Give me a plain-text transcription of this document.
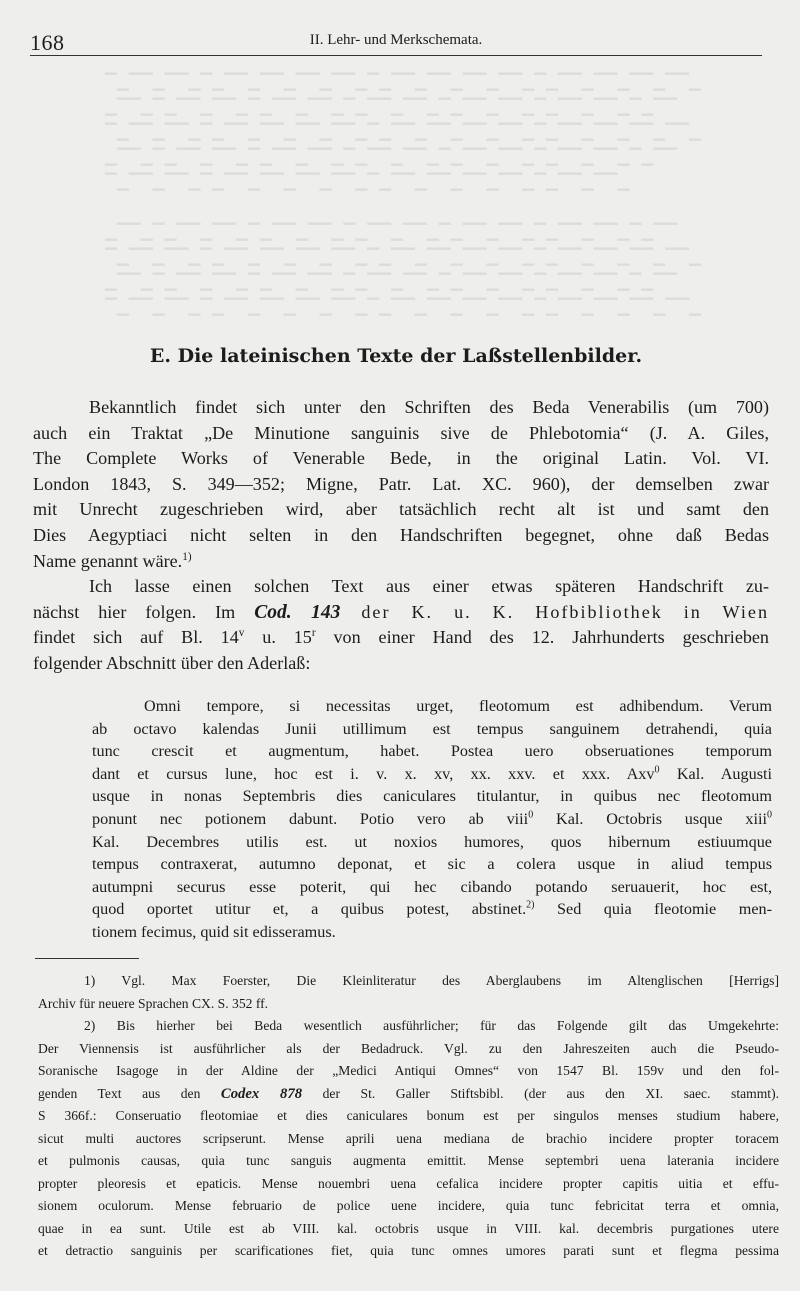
168	II. Lehr- und Merkschemata.
▔▁▔▔▁▔▔▁▔▁▔▔▁▔▔▁▔▔▁▔▔▁▔▁▔▔▁▔▔▁▔▔▁▔▔▁▔▁▔▔▁▔▔▁▔▔▁▔▔▁
▁▔▔▁▔▁▔▔▁▔▔▁▔▁▔▔▁▔▔▁▔▁▔▔▁▔▔▁▔▁▔▔▁▔▔▁▔▁▔▔▁▔▔▁▔▁▔▔
▔▁▔▔▁▔▔▁▔▁▔▔▁▔▔▁▔▔▁▔▔▁▔▁▔▔▁▔▔▁▔▔▁▔▔▁▔▁▔▔▁▔▔▁▔▔▁▔▔▁
▁▔▔▁▔▁▔▔▁▔▔▁▔▁▔▔▁▔▔▁▔▁▔▔▁▔▔▁▔▁▔▔▁▔▔▁▔▁▔▔▁▔▔▁▔▁▔▔
▔▁▔▔▁▔▔▁▔▁▔▔▁▔▔▁▔▔▁▔▔▁▔▁▔▔▁▔▔▁▔▔▁▔▔▁▔▁▔▔▁▔▔▁

▁▔▔▁▔▁▔▔▁▔▔▁▔▁▔▔▁▔▔▁▔▁▔▔▁▔▔▁▔▁▔▔▁▔▔▁▔▁▔▔▁▔▔▁▔▁▔▔
▔▁▔▔▁▔▔▁▔▁▔▔▁▔▔▁▔▔▁▔▔▁▔▁▔▔▁▔▔▁▔▔▁▔▔▁▔▁▔▔▁▔▔▁▔▔▁▔▔▁
▁▔▔▁▔▁▔▔▁▔▔▁▔▁▔▔▁▔▔▁▔▁▔▔▁▔▔▁▔▁▔▔▁▔▔▁▔▁▔▔▁▔▔▁▔▁▔▔
▔▁▔▔▁▔▔▁▔▁▔▔▁▔▔▁▔▔▁▔▔▁▔▁▔▔▁▔▔▁▔▔▁▔▔▁▔▁▔▔▁▔▔▁▔▔▁▔▔▁
E. Die lateinischen Texte der Laßstellenbilder.

Bekanntlich findet sich unter den Schriften des Beda Venerabilis (um 700)
auch ein Traktat „De Minutione sanguinis sive de Phlebotomia“ (J. A. Giles,
The Complete Works of Venerable Bede, in the original Latin. Vol. VI.
London 1843, S. 349—352; Migne, Patr. Lat. XC. 960), der demselben zwar
mit Unrecht zugeschrieben wird, aber tatsächlich recht alt ist und samt den
Dies Aegyptiaci nicht selten in den Handschriften begegnet, ohne daß Bedas
Name genannt wäre.$^{1)}$

Ich lasse einen solchen Text aus einer etwas späteren Handschrift zu-
nächst hier folgen. Im Cod. 143 der K. u. K. Hofbibliothek in Wien
findet sich auf Bl. 14$^v$ u. 15$^r$ von einer Hand des 12. Jahrhunderts geschrieben
folgender Abschnitt über den Aderlaß:

Omni tempore, si necessitas urget, fleotomum est adhibendum. Verum
ab octavo kalendas Junii utillimum est tempus sanguinem detrahendi, quia
tunc crescit et augmentum, habet. Postea uero obseruationes temporum
dant et cursus lune, hoc est i. v. x. xv, xx. xxv. et xxx. Axv$^0$ Kal. Augusti
usque in nonas Septembris dies caniculares titulantur, in quibus nec fleotomum
ponunt nec potionem dabunt. Potio vero ab viii$^0$ Kal. Octobris usque xiii$^0$
Kal. Decembres utilis est. ut noxios humores, quos hibernum estiuumque
tempus contraxerat, autumno deponat, et sic a colera usque in aliud tempus
autumpni securus esse poterit, qui hec cibando potando seruauerit, hoc est,
quod oportet utitur et, a quibus potest, abstinet.$^{2)}$ Sed quia fleotomie men-
tionem fecimus, quid sit edisseramus.
1) Vgl. Max Foerster, Die Kleinliteratur des Aberglaubens im Altenglischen [Herrigs]
Archiv für neuere Sprachen CX. S. 352 ff.
2) Bis hierher bei Beda wesentlich ausführlicher; für das Folgende gilt das Umgekehrte:
Der Viennensis ist ausführlicher als der Bedadruck. Vgl. zu den Jahreszeiten auch die Pseudo-
Soranische Isagoge in der Aldine der „Medici Antiqui Omnes“ von 1547 Bl. 159v und den fol-
genden Text aus den Codex 878 der St. Galler Stiftsbibl. (der aus den XI. saec. stammt).
S 366f.: Conseruatio fleotomiae et dies caniculares bonum est per singulos menses studium habere,
sicut multi auctores scripserunt. Mense aprili uena mediana de brachio incidere propter toracem
et pulmonis causas, quia tunc sanguis augmenta emittit. Mense septembri uena laterania incidere
propter pleoresis et epaticis. Mense nouembri uena cefalica incidere propter capitis uitia et effu-
sionem oculorum. Mense februario de police uene incidere, quia tunc febricitat terra et omnia,
quae in ea sunt. Utile est ab VIII. kal. octobris usque in VIII. kal. decembris purgationes utere
et detractio sanguinis per scarificationes fiet, quia tunc omnes umores parati sunt et flegma pessima
